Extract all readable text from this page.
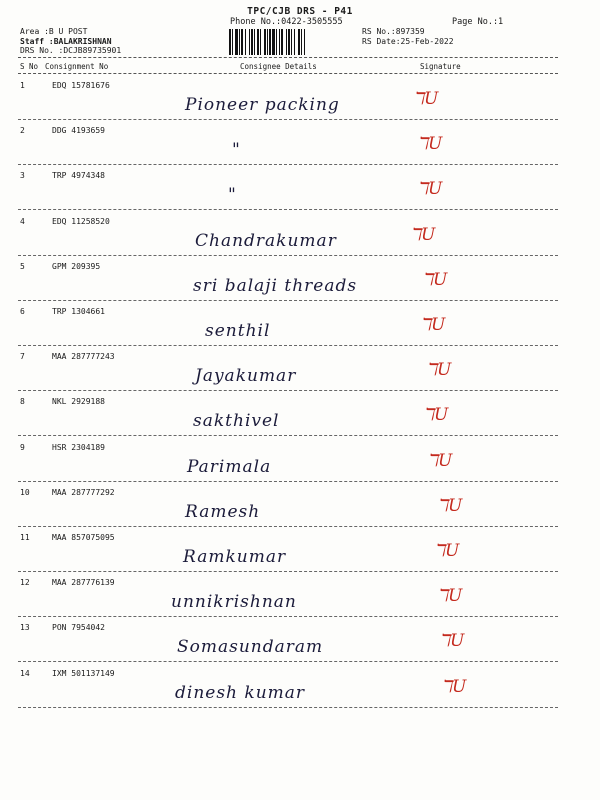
TPC/CJB DRS - P41
Phone No.:0422-3505555	Page No.:1
Area :B U POST
Staff :BALAKRISHNAN
DRS No. :DCJB89735901
RS No.:897359
RS Date:25-Feb-2022
S No Consignment No	Consignee Details	Signature
1	EDQ 15781676
Pioneer packing	ℸU
2	DDG 4193659
"	ℸU
3	TRP 4974348
"	ℸU
4	EDQ 11258520
Chandrakumar	ℸU
5	GPM 209395
sri balaji threads	ℸU
6	TRP 1304661
senthil	ℸU
7	MAA 287777243
Jayakumar	ℸU
8	NKL 2929188
sakthivel	ℸU
9	HSR 2304189
Parimala	ℸU
10	MAA 287777292
Ramesh	ℸU
11	MAA 857075095
Ramkumar	ℸU
12	MAA 287776139
unnikrishnan	ℸU
13	PON 7954042
Somasundaram	ℸU
14	IXM 501137149
dinesh kumar	ℸU
